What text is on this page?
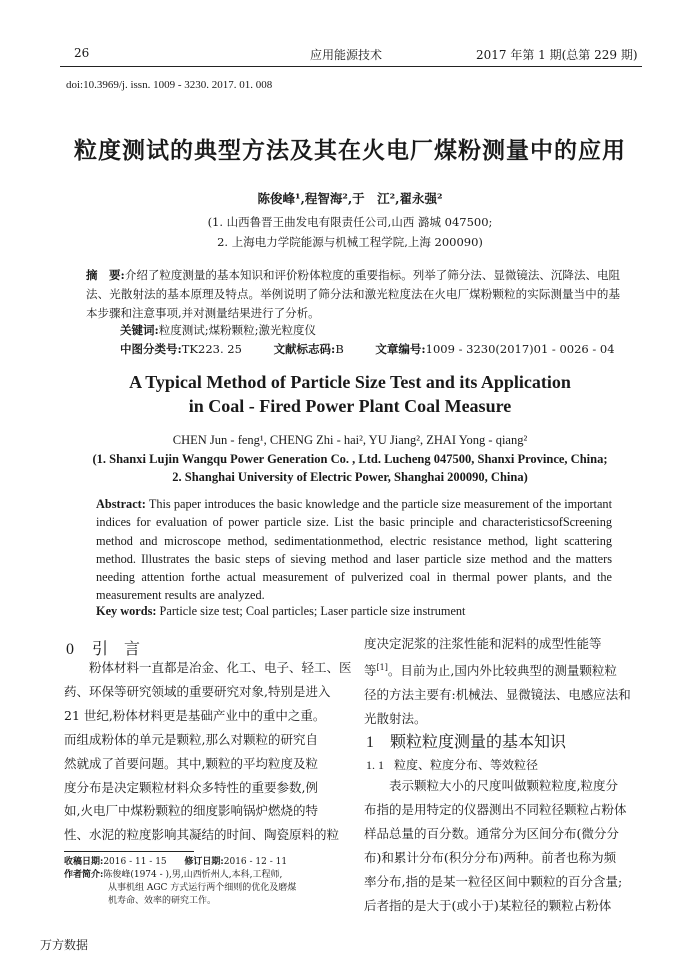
26	应用能源技术	2017 年第 1 期(总第 229 期)
doi:10.3969/j. issn. 1009 - 3230. 2017. 01. 008
粒度测试的典型方法及其在火电厂煤粉测量中的应用
陈俊峰¹,程智海²,于　江²,翟永强²
(1. 山西鲁晋王曲发电有限责任公司,山西 潞城 047500;
2. 上海电力学院能源与机械工程学院,上海 200090)
摘　要:介绍了粒度测量的基本知识和评价粉体粒度的重要指标。列举了筛分法、显微镜法、沉降法、电阻法、光散射法的基本原理及特点。举例说明了筛分法和激光粒度法在火电厂煤粉颗粒的实际测量当中的基本步骤和注意事项,并对测量结果进行了分析。
关键词:粒度测试;煤粉颗粒;激光粒度仪
中图分类号:TK223. 25	文献标志码:B	文章编号:1009 - 3230(2017)01 - 0026 - 04
A Typical Method of Particle Size Test and its Application
in Coal - Fired Power Plant Coal Measure
CHEN Jun - feng¹, CHENG Zhi - hai², YU Jiang², ZHAI Yong - qiang²
(1. Shanxi Lujin Wangqu Power Generation Co. , Ltd. Lucheng 047500, Shanxi Province, China;
2. Shanghai University of Electric Power, Shanghai 200090, China)
Abstract: This paper introduces the basic knowledge and the particle size measurement of the important indices for evaluation of power particle size. List the basic principle and characteristicsofScreening method and microscope method, sedimentationmethod, electric resistance method, light scattering method. Illustrates the basic steps of sieving method and laser particle size method and the matters needing attention forthe actual measurement of pulverized coal in thermal power plants, and the measurement results are analyzed.
Key words: Particle size test; Coal particles; Laser particle size instrument
0 引　言
　　粉体材料一直都是冶金、化工、电子、轻工、医
药、环保等研究领域的重要研究对象,特别是进入
21 世纪,粉体材料更是基础产业中的重中之重。
而组成粉体的单元是颗粒,那么对颗粒的研究自
然就成了首要问题。其中,颗粒的平均粒度及粒
度分布是决定颗粒材料众多特性的重要参数,例
如,火电厂中煤粉颗粒的细度影响锅炉燃烧的特
性、水泥的粒度影响其凝结的时间、陶瓷原料的粒
收稿日期:2016 - 11 - 15 修订日期:2016 - 12 - 11
作者简介:陈俊峰(1974 - ),男,山西忻州人,本科,工程师,
从事机组 AGC 方式运行两个细则的优化及磨煤
机寿命、效率的研究工作。
度决定泥浆的注浆性能和泥料的成型性能等
等[1]。目前为止,国内外比较典型的测量颗粒粒
径的方法主要有:机械法、显微镜法、电感应法和
光散射法。
1 颗粒粒度测量的基本知识
1. 1 粒度、粒度分布、等效粒径
　　表示颗粒大小的尺度叫做颗粒粒度,粒度分
布指的是用特定的仪器测出不同粒径颗粒占粉体
样品总量的百分数。通常分为区间分布(微分分
布)和累计分布(积分分布)两种。前者也称为频
率分布,指的是某一粒径区间中颗粒的百分含量;
后者指的是大于(或小于)某粒径的颗粒占粉体
万方数据
